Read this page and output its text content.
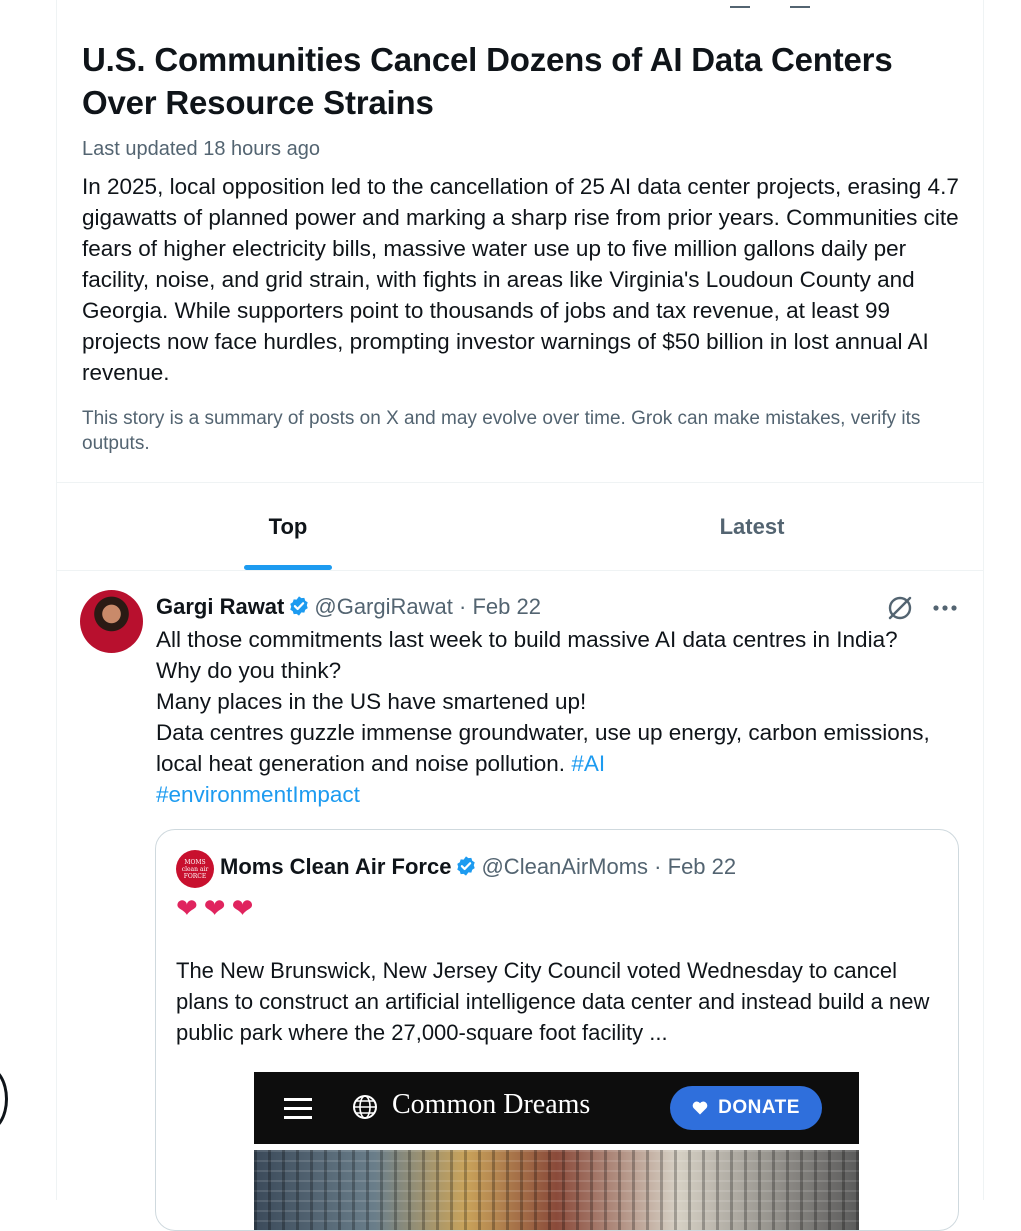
U.S. Communities Cancel Dozens of AI Data Centers Over Resource Strains
Last updated 18 hours ago
In 2025, local opposition led to the cancellation of 25 AI data center projects, erasing 4.7 gigawatts of planned power and marking a sharp rise from prior years. Communities cite fears of higher electricity bills, massive water use up to five million gallons daily per facility, noise, and grid strain, with fights in areas like Virginia's Loudoun County and Georgia. While supporters point to thousands of jobs and tax revenue, at least 99 projects now face hurdles, prompting investor warnings of $50 billion in lost annual AI revenue.
This story is a summary of posts on X and may evolve over time. Grok can make mistakes, verify its outputs.
Top	Latest
Gargi Rawat @GargiRawat · Feb 22
All those commitments last week to build massive AI data centres in India?
Why do you think?
Many places in the US have smartened up!
Data centres guzzle immense groundwater, use up energy, carbon emissions, local heat generation and noise pollution. #AI
#environmentImpact
MOMS clean air FORCE Moms Clean Air Force @CleanAirMoms · Feb 22
❤❤❤
The New Brunswick, New Jersey City Council voted Wednesday to cancel plans to construct an artificial intelligence data center and instead build a new public park where the 27,000-square foot facility ...
Common Dreams	DONATE
